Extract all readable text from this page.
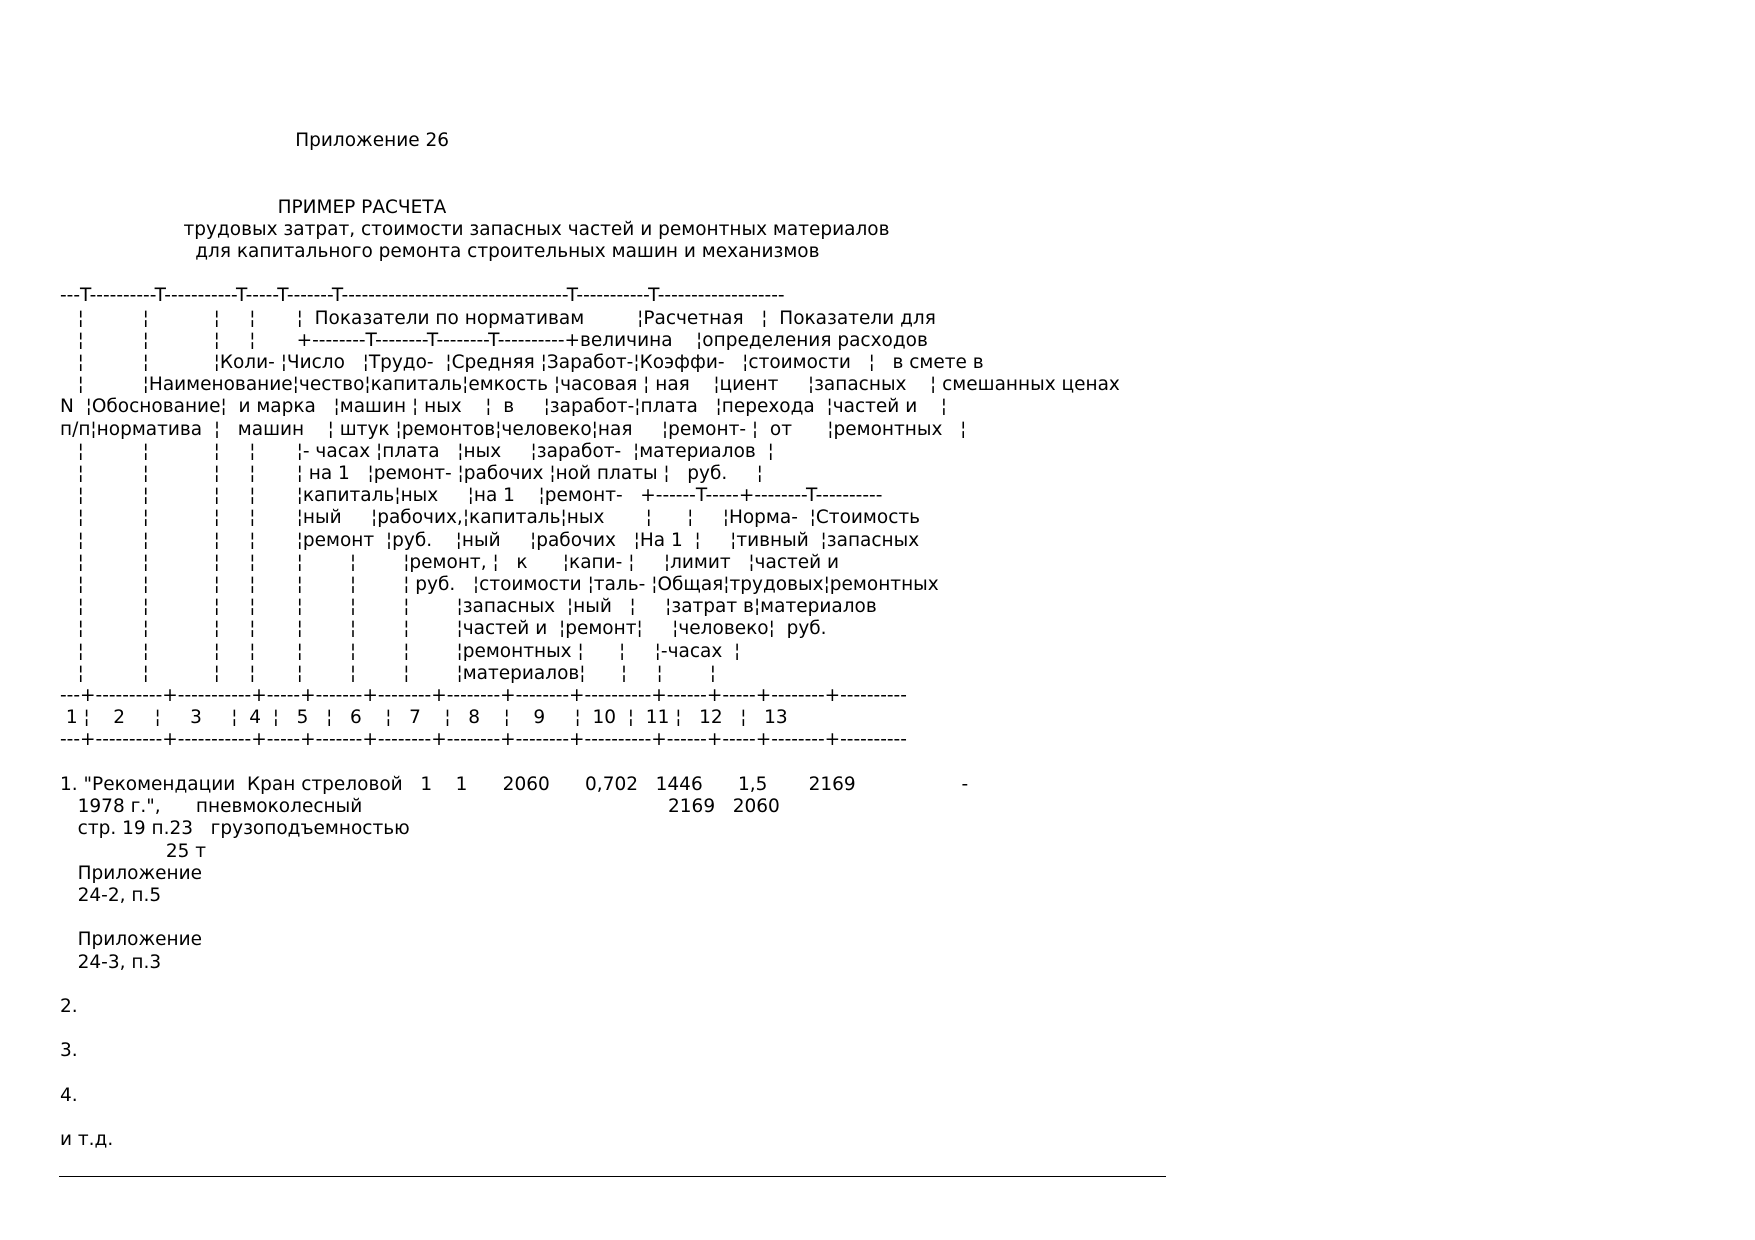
Приложение 26

ПРИМЕР РАСЧЕТА
трудовых затрат, стоимости запасных частей и ремонтных материалов
для капитального ремонта строительных машин и механизмов

---T----------T-----------T-----T-------T----------------------------------T-----------T-------------------
¦          ¦           ¦     ¦       ¦  Показатели по нормативам         ¦Расчетная   ¦  Показатели для
¦          ¦           ¦     ¦       +--------T--------T--------T----------+величина    ¦определения расходов
¦          ¦           ¦Коли- ¦Число   ¦Трудо-  ¦Средняя ¦Заработ-¦Коэффи-   ¦стоимости   ¦   в смете в
¦          ¦Наименование¦чество¦капиталь¦емкость ¦часовая ¦ ная    ¦циент     ¦запасных    ¦ смешанных ценах
N  ¦Обоснование¦  и марка   ¦машин ¦ ных    ¦  в     ¦заработ-¦плата   ¦перехода  ¦частей и    ¦
п/п¦норматива  ¦   машин    ¦ штук ¦ремонтов¦человеко¦ная     ¦ремонт- ¦  от      ¦ремонтных   ¦
¦          ¦           ¦     ¦       ¦- часах ¦плата   ¦ных     ¦заработ-  ¦материалов  ¦
¦          ¦           ¦     ¦       ¦ на 1   ¦ремонт- ¦рабочих ¦ной платы ¦   руб.     ¦
¦          ¦           ¦     ¦       ¦капиталь¦ных     ¦на 1    ¦ремонт-   +------T-----+--------T----------
¦          ¦           ¦     ¦       ¦ный     ¦рабочих,¦капиталь¦ных       ¦      ¦     ¦Норма-  ¦Стоимость
¦          ¦           ¦     ¦       ¦ремонт  ¦руб.    ¦ный     ¦рабочих   ¦На 1  ¦     ¦тивный  ¦запасных
¦          ¦           ¦     ¦       ¦        ¦        ¦ремонт, ¦   к      ¦капи- ¦     ¦лимит   ¦частей и
¦          ¦           ¦     ¦       ¦        ¦        ¦ руб.   ¦стоимости ¦таль- ¦Общая¦трудовых¦ремонтных
¦          ¦           ¦     ¦       ¦        ¦        ¦        ¦запасных  ¦ный   ¦     ¦затрат в¦материалов
¦          ¦           ¦     ¦       ¦        ¦        ¦        ¦частей и  ¦ремонт¦     ¦человеко¦  руб.
¦          ¦           ¦     ¦       ¦        ¦        ¦        ¦ремонтных ¦      ¦     ¦-часах  ¦
¦          ¦           ¦     ¦       ¦        ¦        ¦        ¦материалов¦      ¦     ¦        ¦
---+----------+-----------+-----+-------+--------+--------+--------+----------+------+-----+--------+----------
1 ¦    2     ¦     3     ¦  4  ¦   5   ¦   6    ¦   7    ¦   8    ¦    9     ¦  10  ¦  11 ¦   12   ¦   13
---+----------+-----------+-----+-------+--------+--------+--------+----------+------+-----+--------+----------

1. "Рекомендации  Кран стреловой   1    1      2060      0,702   1446      1,5       2169                  -
1978 г.",      пневмоколесный                                                    2169   2060
стр. 19 п.23   грузоподъемностью
25 т
Приложение
24-2, п.5

Приложение
24-3, п.3

2.

3.

4.

и т.д.
